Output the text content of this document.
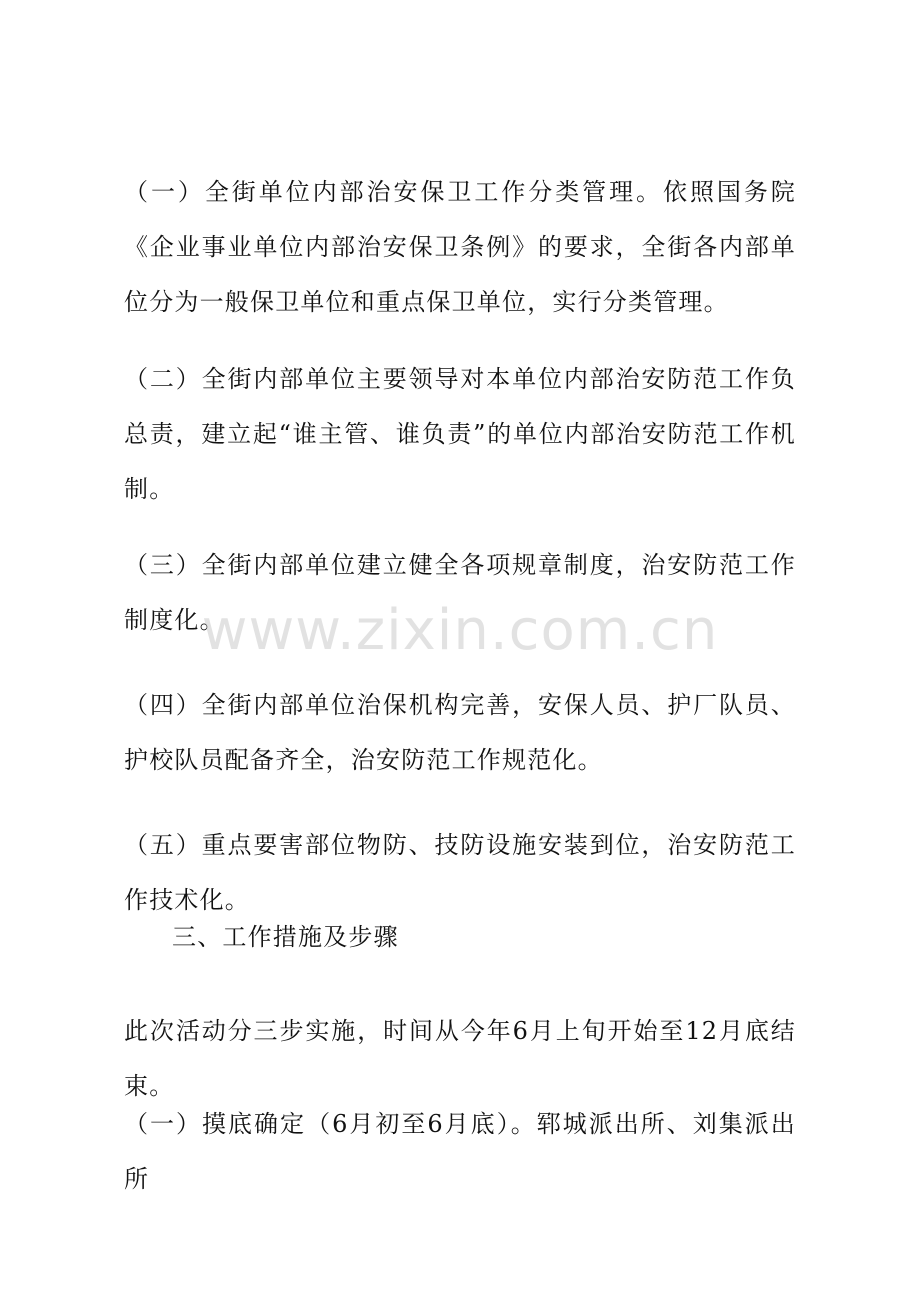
（一）全街单位内部治安保卫工作分类管理。依照国务院《企业事业单位内部治安保卫条例》的要求，全街各内部单位分为一般保卫单位和重点保卫单位，实行分类管理。

（二）全街内部单位主要领导对本单位内部治安防范工作负总责，建立起“谁主管、谁负责”的单位内部治安防范工作机制。

（三）全街内部单位建立健全各项规章制度，治安防范工作制度化。

（四）全街内部单位治保机构完善，安保人员、护厂队员、护校队员配备齐全，治安防范工作规范化。

（五）重点要害部位物防、技防设施安装到位，治安防范工作技术化。

三、工作措施及步骤

此次活动分三步实施，时间从今年6月上旬开始至12月底结束。

（一）摸底确定（6月初至6月底）。郓城派出所、刘集派出所

www.zixin.com.cn
